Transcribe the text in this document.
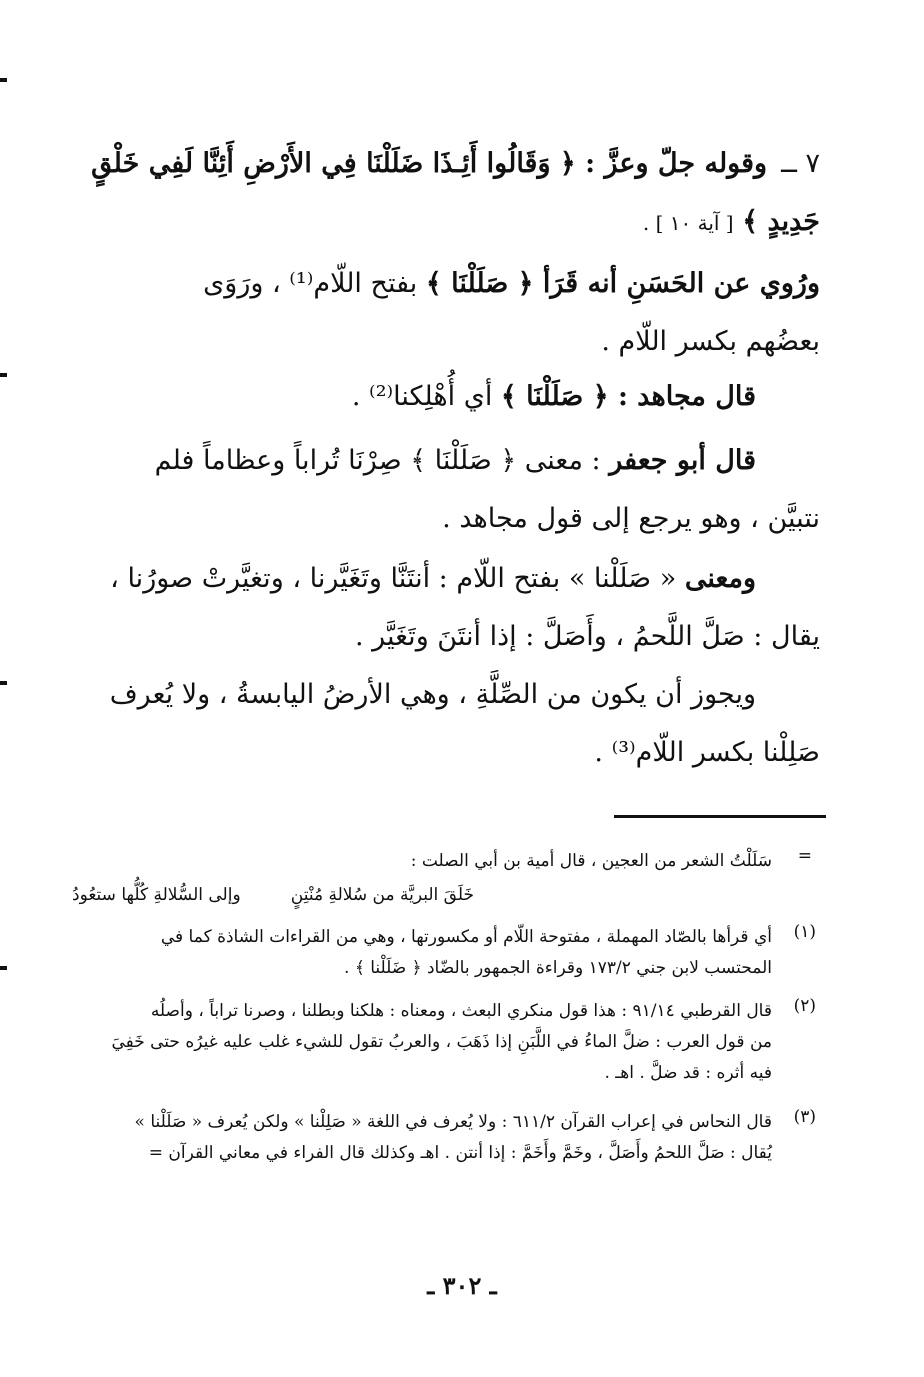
٧ ــوقوله جلّ وعزَّ : ﴿ وَقَالُوا أَئِـذَا ضَلَلْنَا فِي الأَرْضِ أَئِنَّا لَفِي خَلْقٍ
جَدِيدٍ ﴾ [ آية ١٠ ] .
ورُوي عن الحَسَنِ أنه قَرَأ ﴿ صَلَلْنَا ﴾ بفتح اللّام⁽¹⁾ ، ورَوَى
بعضُهم بكسر اللّام .
قال مجاهد : ﴿ صَلَلْنَا ﴾ أي أُهْلِكنا⁽²⁾ .
قال أبو جعفر : معنى ﴿ صَلَلْنَا ﴾ صِرْنَا تُراباً وعظاماً فلم
نتبيَّن ، وهو يرجع إلى قول مجاهد .
ومعنى « صَلَلْنا » بفتح اللّام : أنتَنَّا وتَغَيَّرنا ، وتغيَّرتْ صورُنا ،
يقال : صَلَّ اللَّحمُ ، وأَصَلَّ : إذا أنتَنَ وتَغَيَّر .
ويجوز أن يكون من الصِّلَّةِ ، وهي الأرضُ اليابسةُ ، ولا يُعرف
صَلِلْنا بكسر اللّام⁽³⁾ .
=
سَلَلْتُ الشعر من العجين ، قال أمية بن أبي الصلت :
خَلَقَ البريَّة من سُلالةِ مُنْتِنٍ
وإلى السُّلالةِ كُلُّها ستعُودُ
(١)
أي قرأها بالصّاد المهملة ، مفتوحة اللّام أو مكسورتها ، وهي من القراءات الشاذة كما في
المحتسب لابن جني ١٧٣/٢ وقراءة الجمهور بالضّاد ﴿ ضَلَلْنا ﴾ .
(٢)
قال القرطبي ٩١/١٤ : هذا قول منكري البعث ، ومعناه : هلكنا وبطلنا ، وصرنا تراباً ، وأصلُه
من قول العرب : ضلَّ الماءُ في اللَّبَنِ إذا ذَهَبَ ، والعربُ تقول للشيء غلب عليه غيرُه حتى خَفِيَ
فيه أثره : قد ضلَّ . اهـ .
(٣)
قال النحاس في إعراب القرآن ٦١١/٢ : ولا يُعرف في اللغة « صَلِلْنا » ولكن يُعرف « صَلَلْنا »
يُقال : صَلَّ اللحمُ وأَصَلَّ ، وخَمَّ وأَخَمَّ : إذا أنتن . اهـ وكذلك قال الفراء في معاني القرآن =
ـ ٣٠٢ ـ
